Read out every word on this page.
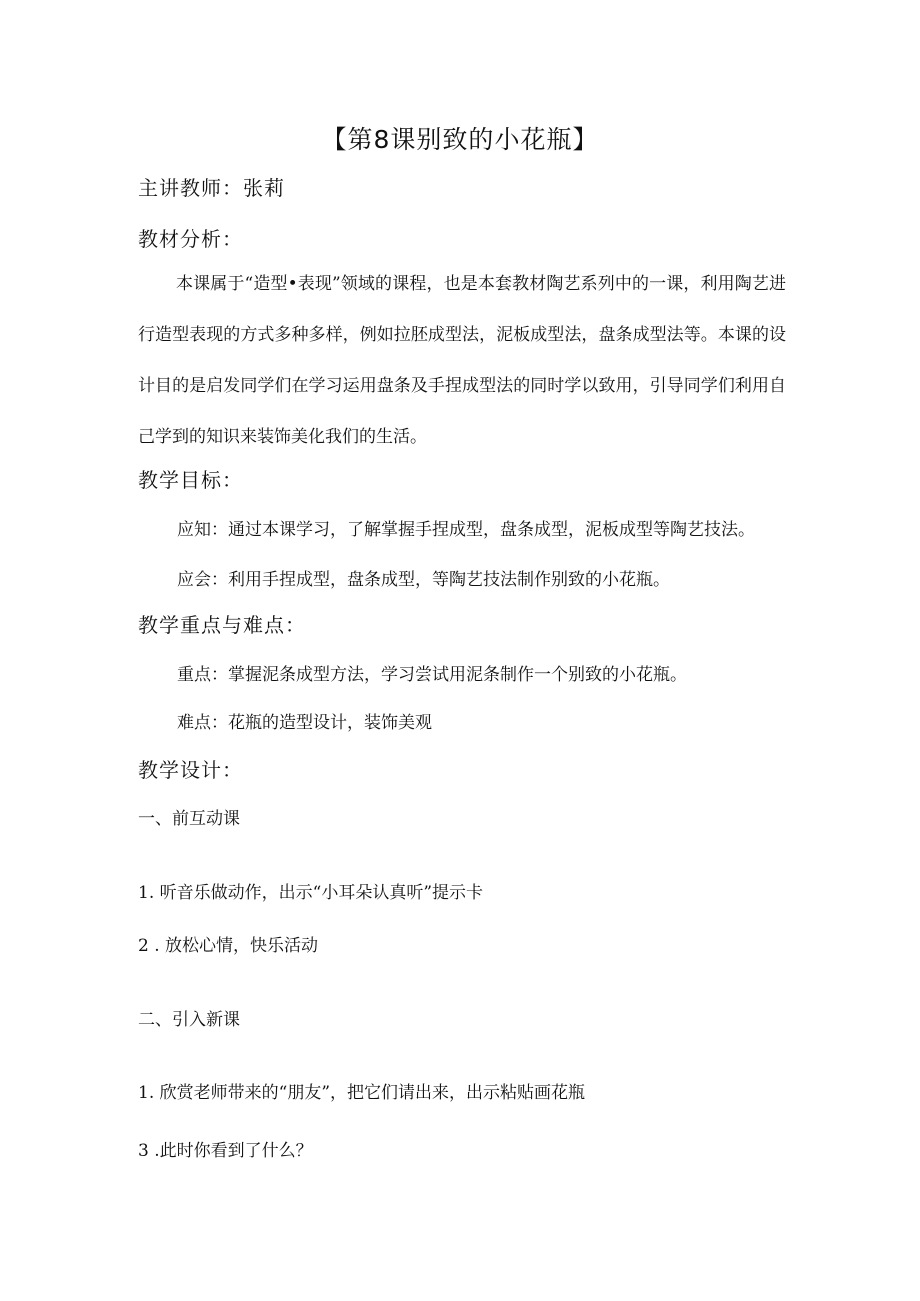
【第8课别致的小花瓶】
主讲教师：张莉
教材分析：
本课属于“造型•表现”领域的课程，也是本套教材陶艺系列中的一课，利用陶艺进行造型表现的方式多种多样，例如拉胚成型法，泥板成型法，盘条成型法等。本课的设计目的是启发同学们在学习运用盘条及手捏成型法的同时学以致用，引导同学们利用自己学到的知识来装饰美化我们的生活。
教学目标：
应知：通过本课学习，了解掌握手捏成型，盘条成型，泥板成型等陶艺技法。
应会：利用手捏成型，盘条成型，等陶艺技法制作别致的小花瓶。
教学重点与难点：
重点：掌握泥条成型方法，学习尝试用泥条制作一个别致的小花瓶。
难点：花瓶的造型设计，装饰美观
教学设计：
一、前互动课
1. 听音乐做动作，出示“小耳朵认真听”提示卡
2 . 放松心情，快乐活动
二、引入新课
1. 欣赏老师带来的“朋友”，把它们请出来，出示粘贴画花瓶
3 .此时你看到了什么？
